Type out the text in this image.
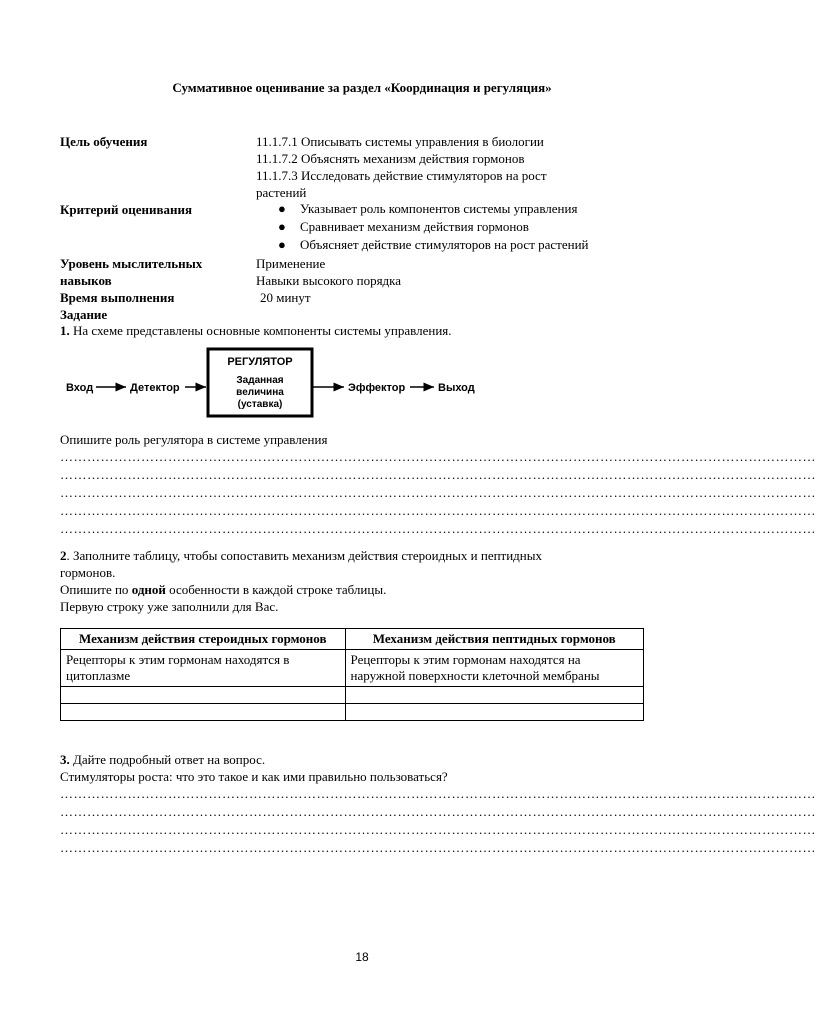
Суммативное оценивание за раздел «Координация и регуляция»
Цель обучения	11.1.7.1 Описывать системы управления в биологии
11.1.7.2 Объяснять механизм действия гормонов
11.1.7.3 Исследовать действие стимуляторов на рост
растений
Критерий оценивания	● Указывает роль компонентов системы управления
● Сравнивает механизм действия гормонов
● Объясняет действие стимуляторов на рост растений
Уровень мыслительных
навыков
Применение
Навыки высокого порядка
Время выполнения	20 минут
Задание
1. На схеме представлены основные компоненты системы управления.
Вход	Детектор
РЕГУЛЯТОР
Заданная
величина
(уставка)
Эффектор	Выход
Опишите роль регулятора в системе управления
……………………………………………………………………………………………………………………………………………………
……………………………………………………………………………………………………………………………………………………
……………………………………………………………………………………………………………………………………………………
……………………………………………………………………………………………………………………………………………………
……………………………………………………………………………………………………………………………………………………
2. Заполните таблицу, чтобы сопоставить механизм действия стероидных и пептидных
гормонов.
Опишите по одной особенности в каждой строке таблицы.
Первую строку уже заполнили для Вас.
Механизм действия стероидных гормонов	Механизм действия пептидных гормонов
Рецепторы к этим гормонам находятся в цитоплазме	Рецепторы к этим гормонам находятся на наружной поверхности клеточной мембраны

3. Дайте подробный ответ на вопрос.
Стимуляторы роста: что это такое и как ими правильно пользоваться?
……………………………………………………………………………………………………………………………………………………
……………………………………………………………………………………………………………………………………………………
……………………………………………………………………………………………………………………………………………………
……………………………………………………………………………………………………………………………………………………
18
